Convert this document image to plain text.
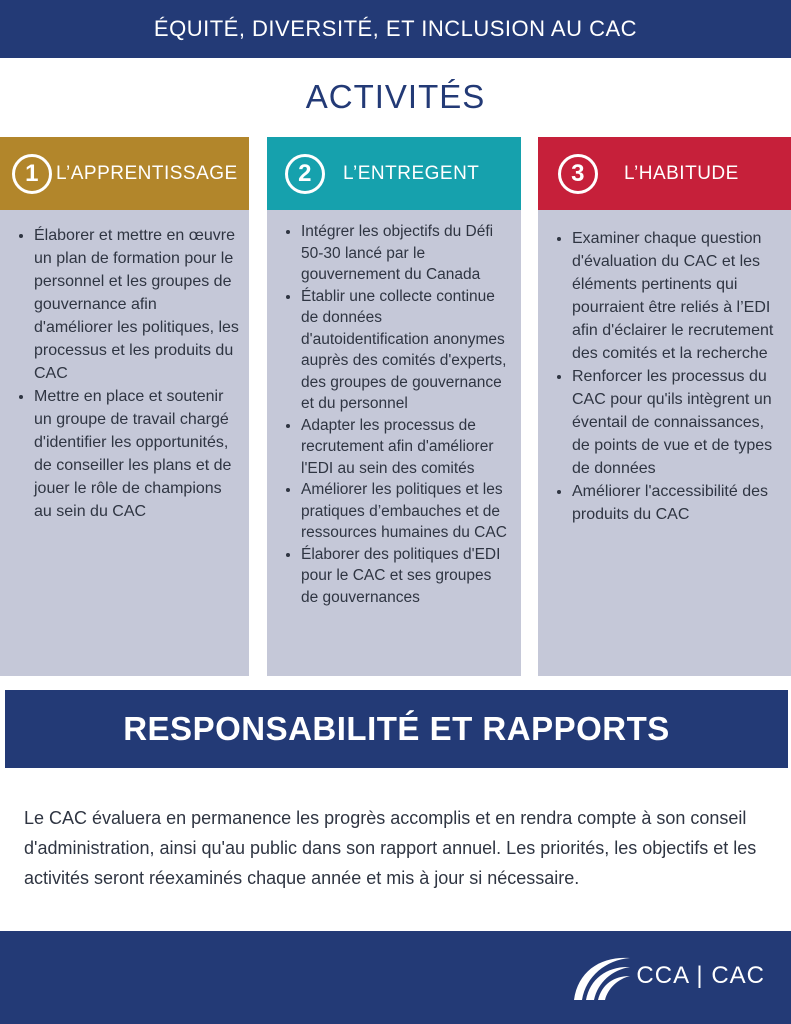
ÉQUITÉ, DIVERSITÉ, ET INCLUSION AU CAC
ACTIVITÉS
1 L’APPRENTISSAGE
• Élaborer et mettre en œuvre un plan de formation pour le personnel et les groupes de gouvernance afin d'améliorer les politiques, les processus et les produits du CAC
• Mettre en place et soutenir un groupe de travail chargé d'identifier les opportunités, de conseiller les plans et de jouer le rôle de champions au sein du CAC
2	L’ENTREGENT
• Intégrer les objectifs du Défi 50-30 lancé par le gouvernement du Canada
• Établir une collecte continue de données d'autoidentification anonymes auprès des comités d'experts, des groupes de gouvernance et du personnel
• Adapter les processus de recrutement afin d'améliorer l'EDI au sein des comités
• Améliorer les politiques et les pratiques d’embauches et de ressources humaines du CAC
• Élaborer des politiques d'EDI pour le CAC et ses groupes de gouvernances
3	L’HABITUDE
• Examiner chaque question d'évaluation du CAC et les éléments pertinents qui pourraient être reliés à l’EDI afin d'éclairer le recrutement des comités et la recherche
• Renforcer les processus du CAC pour qu'ils intègrent un éventail de connaissances, de points de vue et de types de données
• Améliorer l'accessibilité des produits du CAC
RESPONSABILITÉ ET RAPPORTS

Le CAC évaluera en permanence les progrès accomplis et en rendra compte à son conseil d'administration, ainsi qu'au public dans son rapport annuel. Les priorités, les objectifs et les activités seront réexaminés chaque année et mis à jour si nécessaire.

CCA | CAC
